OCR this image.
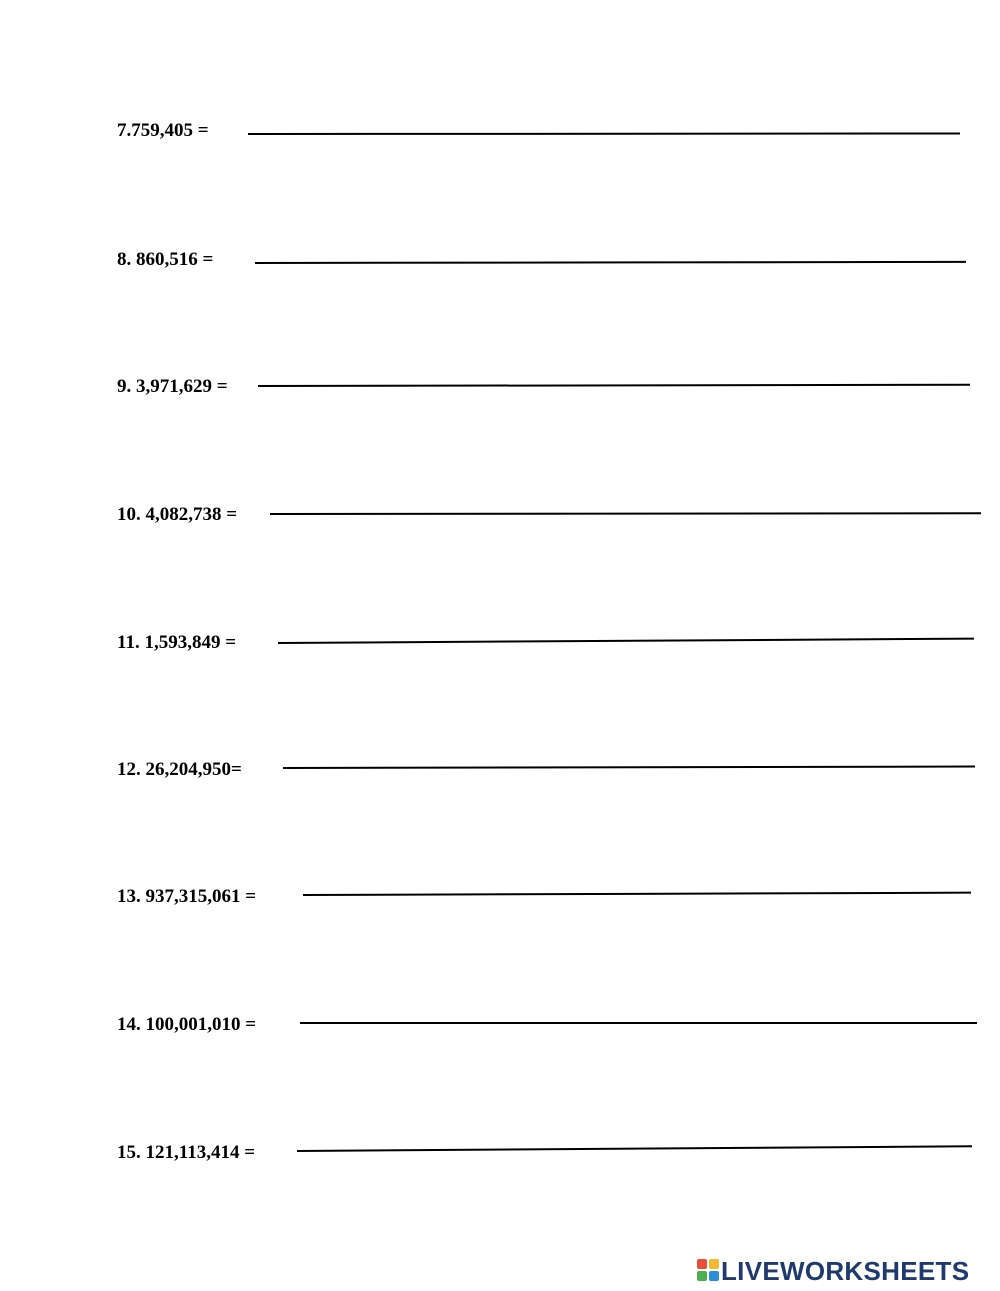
7.759,405 =
8. 860,516 =
9. 3,971,629 =
10. 4,082,738 =
11. 1,593,849 =
12. 26,204,950=
13. 937,315,061 =
14. 100,001,010 =
15. 121,113,414 =
LIVEWORKSHEETS
